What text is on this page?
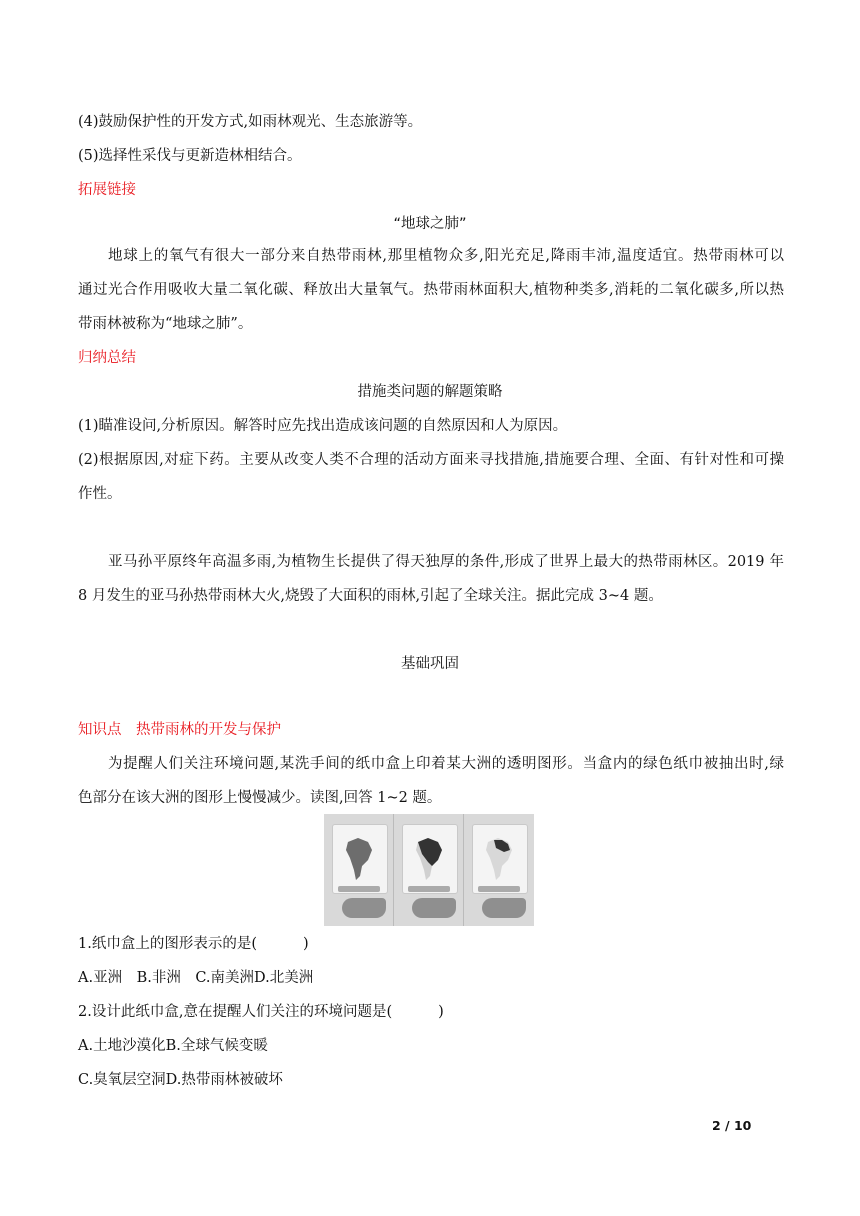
(4)鼓励保护性的开发方式,如雨林观光、生态旅游等。
(5)选择性采伐与更新造林相结合。
拓展链接
“地球之肺”
地球上的氧气有很大一部分来自热带雨林,那里植物众多,阳光充足,降雨丰沛,温度适宜。热带雨林可以
通过光合作用吸收大量二氧化碳、释放出大量氧气。热带雨林面积大,植物种类多,消耗的二氧化碳多,所以热
带雨林被称为“地球之肺”。
归纳总结
措施类问题的解题策略
(1)瞄准设问,分析原因。解答时应先找出造成该问题的自然原因和人为原因。
(2)根据原因,对症下药。主要从改变人类不合理的活动方面来寻找措施,措施要合理、全面、有针对性和可操
作性。
亚马孙平原终年高温多雨,为植物生长提供了得天独厚的条件,形成了世界上最大的热带雨林区。2019 年
8 月发生的亚马孙热带雨林大火,烧毁了大面积的雨林,引起了全球关注。据此完成 3~4 题。
基础巩固
知识点　热带雨林的开发与保护
为提醒人们关注环境问题,某洗手间的纸巾盒上印着某大洲的透明图形。当盒内的绿色纸巾被抽出时,绿
色部分在该大洲的图形上慢慢减少。读图,回答 1~2 题。
1.纸巾盒上的图形表示的是(	)
A.亚洲　B.非洲　C.南美洲D.北美洲
2.设计此纸巾盒,意在提醒人们关注的环境问题是(	)
A.土地沙漠化B.全球气候变暖
C.臭氧层空洞D.热带雨林被破坏
2 / 10
